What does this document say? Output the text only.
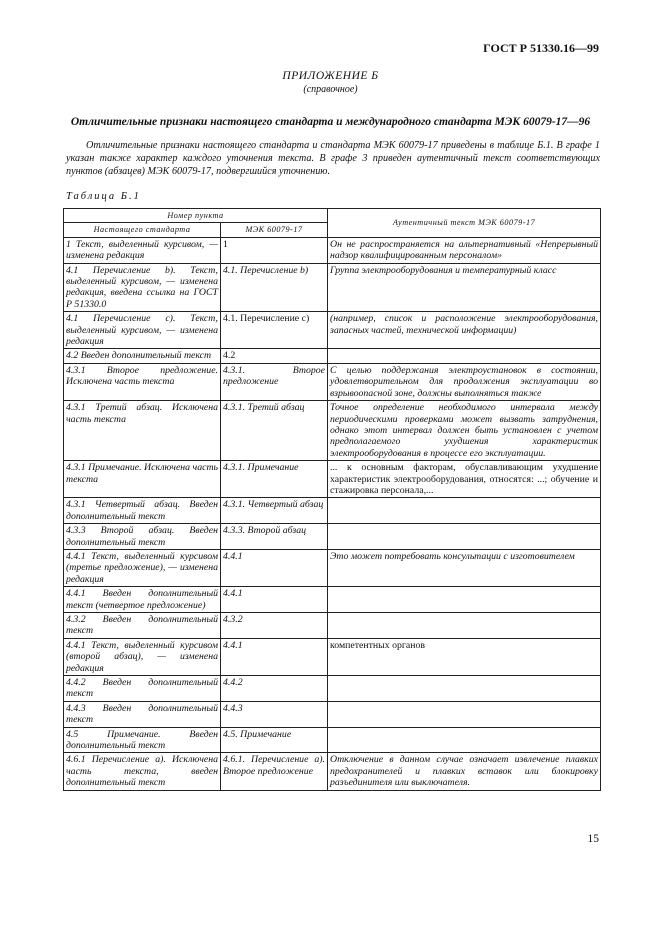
ГОСТ Р 51330.16—99
ПРИЛОЖЕНИЕ Б
(справочное)
Отличительные признаки настоящего стандарта и международного стандарта МЭК 60079-17—96
Отличительные признаки настоящего стандарта и стандарта МЭК 60079-17 приведены в таблице Б.1. В графе 1 указан также характер каждого уточнения текста. В графе 3 приведен аутентичный текст соответствующих пунктов (абзацев) МЭК 60079-17, подвергшийся уточнению.
Таблица Б.1
Номер пункта		Аутентичный текст МЭК 60079-17
Настоящего стандарта	МЭК 60079-17	
1 Текст, выделенный курсивом, — изменена редакция	1	Он не распространяется на альтернативный «Непрерывный надзор квалифицированным персоналом»
4.1 Перечисление b). Текст, выделенный курсивом, — изменена редакция, введена ссылка на ГОСТ Р 51330.0	4.1. Перечисление b)	Группа электрооборудования и температурный класс
4.1 Перечисление с). Текст, выделенный курсивом, — изменена редакция	4.1. Перечисление с)	(например, список и расположение электрооборудования, запасных частей, технической информации)
4.2 Введен дополнительный текст	4.2	
4.3.1 Второе предложение. Исключена часть текста	4.3.1. Второе предложение	С целью поддержания электроустановок в состоянии, удовлетворительном для продолжения эксплуатации во взрывоопасной зоне, должны выполняться также
4.3.1 Третий абзац. Исключена часть текста	4.3.1. Третий абзац	Точное определение необходимого интервала между периодическими проверками может вызвать затруднения, однако этот интервал должен быть установлен с учетом предполагаемого ухудшения характеристик электрооборудования в процессе его эксплуатации.
4.3.1 Примечание. Исключена часть текста	4.3.1. Примечание	... к основным факторам, обуславливающим ухудшение характеристик электрооборудования, относятся: ...; обучение и стажировка персонала,...
4.3.1 Четвертый абзац. Введен дополнительный текст	4.3.1. Четвертый абзац	
4.3.3 Второй абзац. Введен дополнительный текст	4.3.3. Второй абзац	
4.4.1 Текст, выделенный курсивом (третье предложение), — изменена редакция	4.4.1	Это может потребовать консультации с изготовителем
4.4.1 Введен дополнительный текст (четвертое предложение)	4.4.1	
4.3.2 Введен дополнительный текст	4.3.2	
4.4.1 Текст, выделенный курсивом (второй абзац), — изменена редакция	4.4.1	компетентных органов
4.4.2 Введен дополнительный текст	4.4.2	
4.4.3 Введен дополнительный текст	4.4.3	
4.5 Примечание. Введен дополнительный текст	4.5. Примечание	
4.6.1 Перечисление а). Исключена часть текста, введен дополнительный текст	4.6.1. Перечисление а). Второе предложение	Отключение в данном случае означает извлечение плавких предохранителей и плавких вставок или блокировку разъединителя или выключателя.
15
